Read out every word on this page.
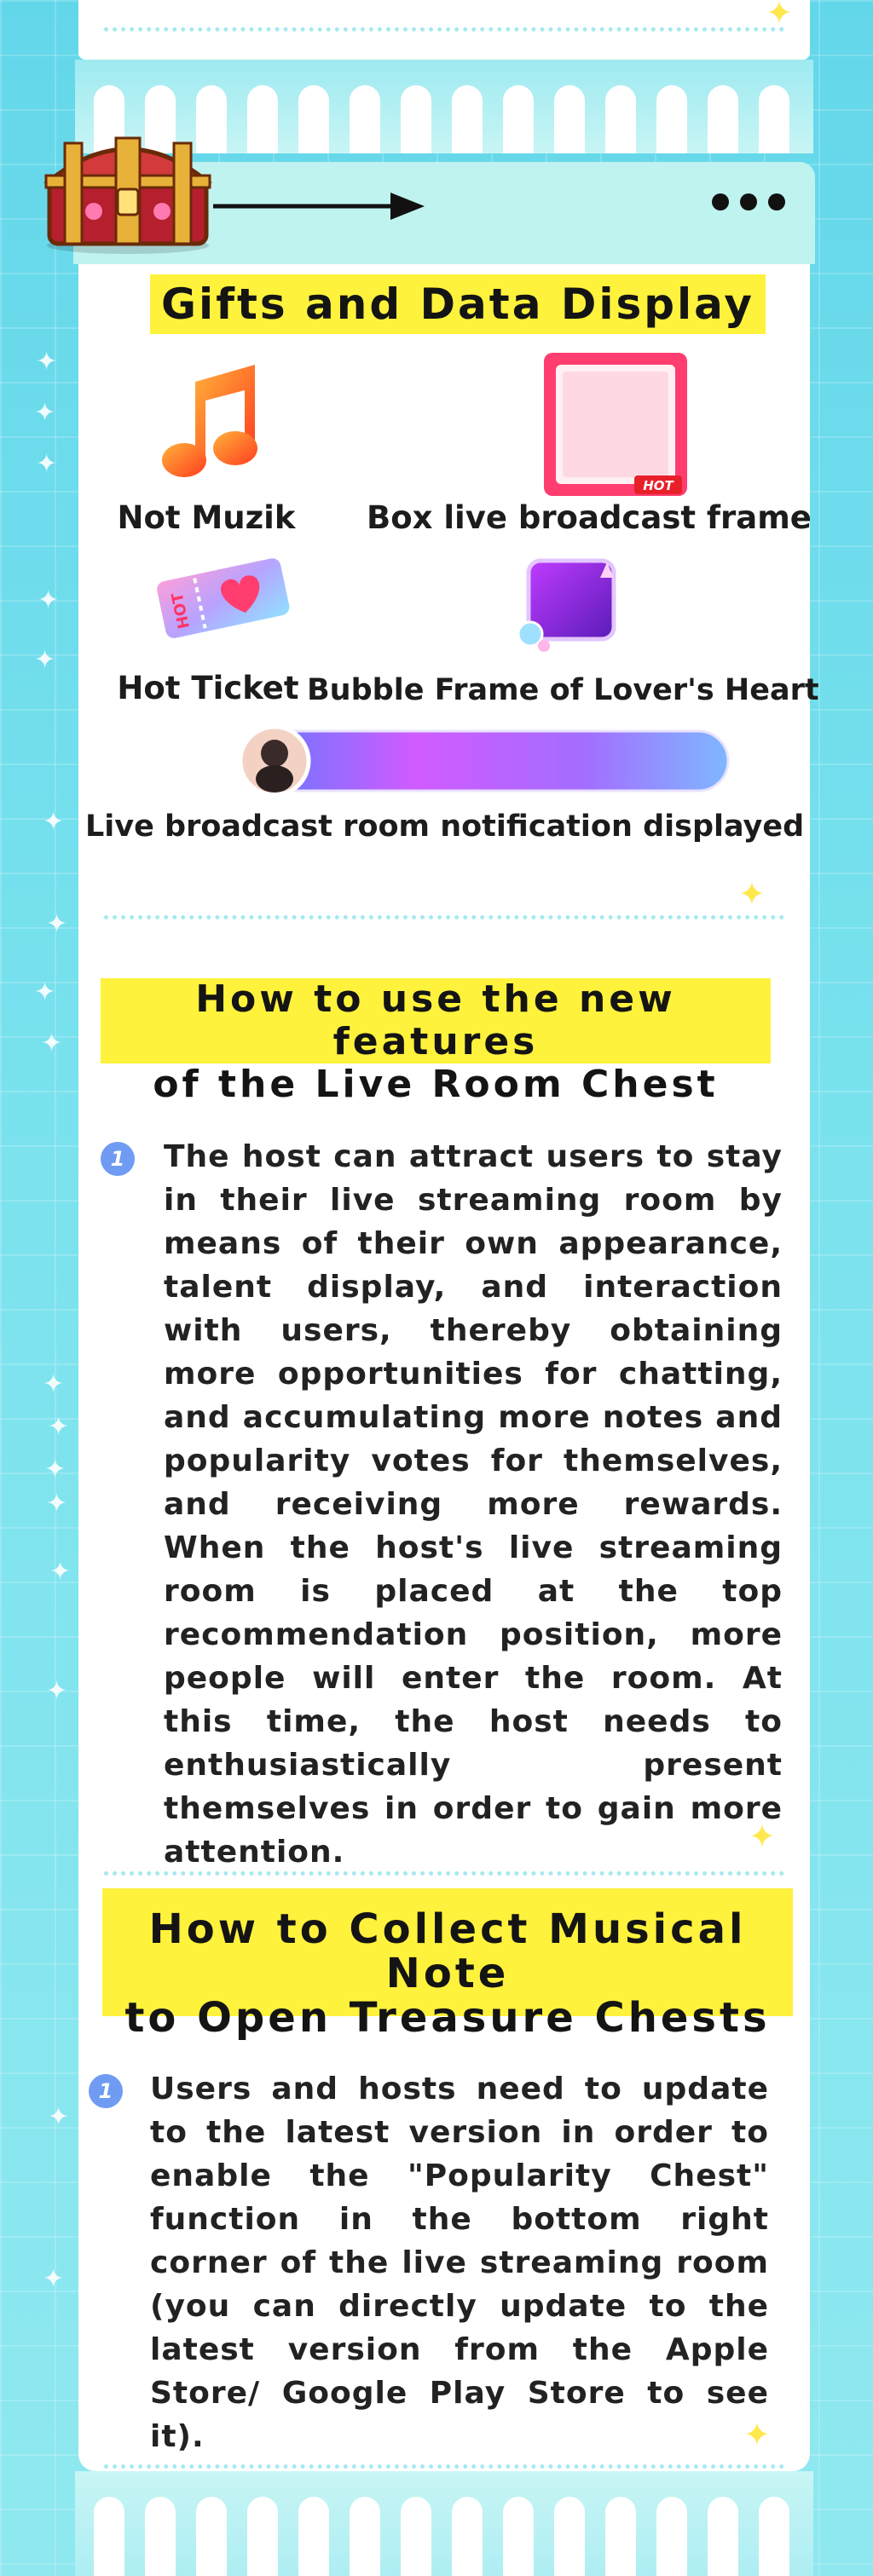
✦
✦
✦
✦
✦
✦
✦
✦
✦
✦
✦
✦
✦
✦
✦
✦
✦
✦
Gifts and Data Display
Not Muzik
HOT
Box live broadcast frame
HOT
Hot Ticket Bubble Frame of Lover's Heart
Live broadcast room notification displayed
✦
How to use the new features
of the Live Room Chest
1	The host can attract users to stay in their live streaming room by means of their own appearance, talent display, and interaction with users, thereby obtaining more opportunities for chatting, and accumulating more notes and popularity votes for themselves, and receiving more rewards. When the host's live streaming room is placed at the top recommendation position, more people will enter the room. At this time, the host needs to enthusiastically present themselves in order to gain more attention.	✦
How to Collect Musical Note
to Open Treasure Chests
1	Users and hosts need to update to the latest version in order to enable the "Popularity Chest" function in the bottom right corner of the live streaming room (you can directly update to the latest version from the Apple Store/ Google Play Store to see it).	✦
